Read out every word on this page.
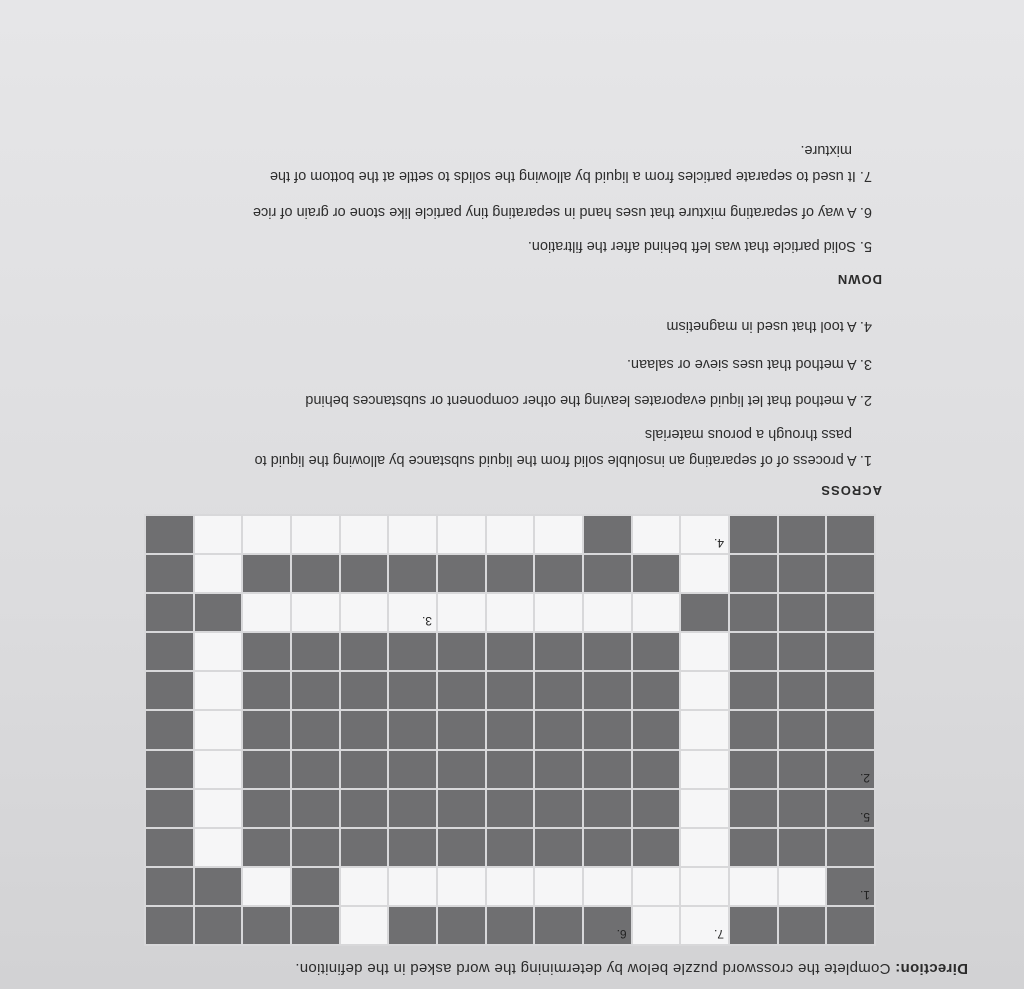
Direction: Complete the crossword puzzle below by determining the word asked in the definition.
7.
6.
1.
5.
2.
3.
4.
ACROSS
1. A process of of separating an insoluble solid from the liquid substance by allowing the liquid to
pass through a porous materials
2. A method that let liquid evaporates leaving the other component or substances behind
3. A method that uses sieve or salaan.
4. A tool that used in magnetism
DOWN
5. Solid particle that was left behind after the filtration.
6. A way of separating mixture that uses hand in separating tiny particle like stone or grain of rice
7. It used to separate particles from a liquid by allowing the solids to settle at the bottom of the
mixture.
